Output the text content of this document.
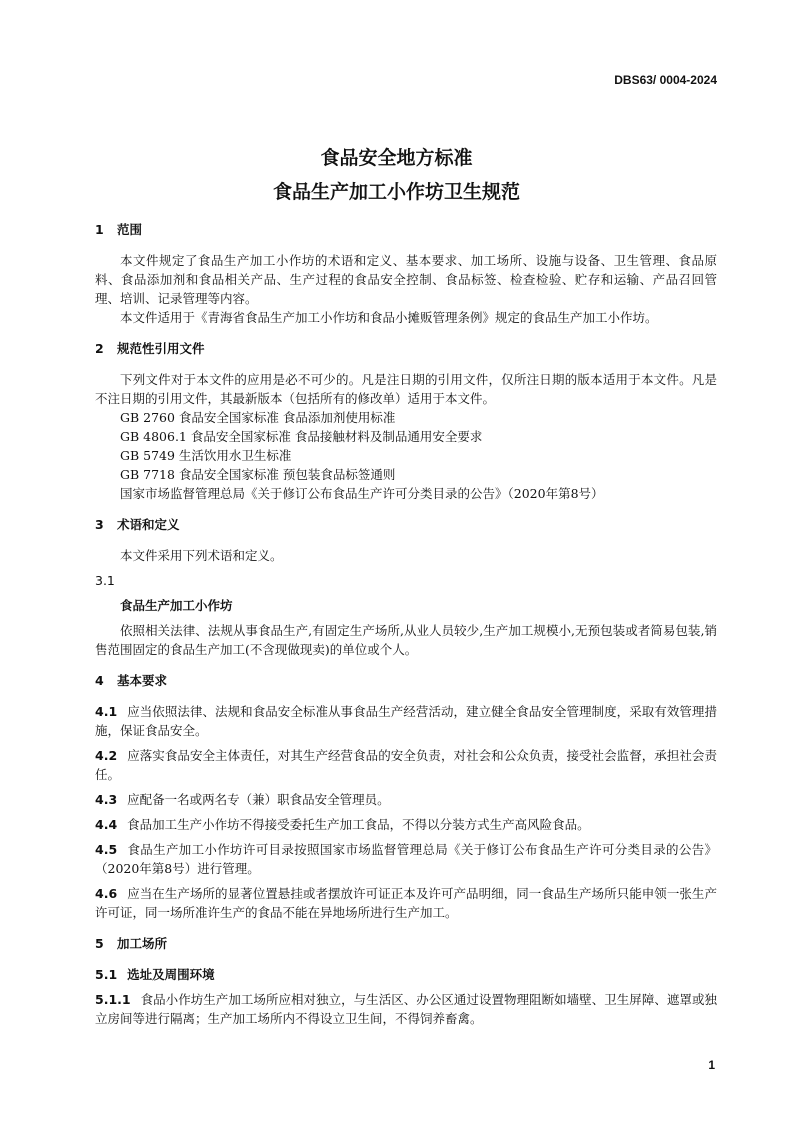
DBS63/ 0004-2024
食品安全地方标准
食品生产加工小作坊卫生规范
1 范围

本文件规定了食品生产加工小作坊的术语和定义、基本要求、加工场所、设施与设备、卫生管理、食品原料、食品添加剂和食品相关产品、生产过程的食品安全控制、食品标签、检查检验、贮存和运输、产品召回管理、培训、记录管理等内容。

本文件适用于《青海省食品生产加工小作坊和食品小摊贩管理条例》规定的食品生产加工小作坊。

2 规范性引用文件

下列文件对于本文件的应用是必不可少的。凡是注日期的引用文件，仅所注日期的版本适用于本文件。凡是不注日期的引用文件，其最新版本（包括所有的修改单）适用于本文件。

GB 2760 食品安全国家标准 食品添加剂使用标准

GB 4806.1 食品安全国家标准 食品接触材料及制品通用安全要求

GB 5749 生活饮用水卫生标准

GB 7718 食品安全国家标准 预包装食品标签通则

国家市场监督管理总局《关于修订公布食品生产许可分类目录的公告》（2020年第8号）

3 术语和定义

本文件采用下列术语和定义。

3.1

食品生产加工小作坊

依照相关法律、法规从事食品生产,有固定生产场所,从业人员较少,生产加工规模小,无预包装或者简易包装,销售范围固定的食品生产加工(不含现做现卖)的单位或个人。

4 基本要求

4.1 应当依照法律、法规和食品安全标准从事食品生产经营活动，建立健全食品安全管理制度，采取有效管理措施，保证食品安全。

4.2 应落实食品安全主体责任，对其生产经营食品的安全负责，对社会和公众负责，接受社会监督，承担社会责任。

4.3 应配备一名或两名专（兼）职食品安全管理员。

4.4 食品加工生产小作坊不得接受委托生产加工食品，不得以分装方式生产高风险食品。

4.5 食品生产加工小作坊许可目录按照国家市场监督管理总局《关于修订公布食品生产许可分类目录的公告》（2020年第8号）进行管理。

4.6 应当在生产场所的显著位置悬挂或者摆放许可证正本及许可产品明细，同一食品生产场所只能申领一张生产许可证，同一场所准许生产的食品不能在异地场所进行生产加工。

5 加工场所
5.1 选址及周围环境

5.1.1 食品小作坊生产加工场所应相对独立，与生活区、办公区通过设置物理阻断如墙壁、卫生屏障、遮罩或独立房间等进行隔离；生产加工场所内不得设立卫生间，不得饲养畜禽。

1
